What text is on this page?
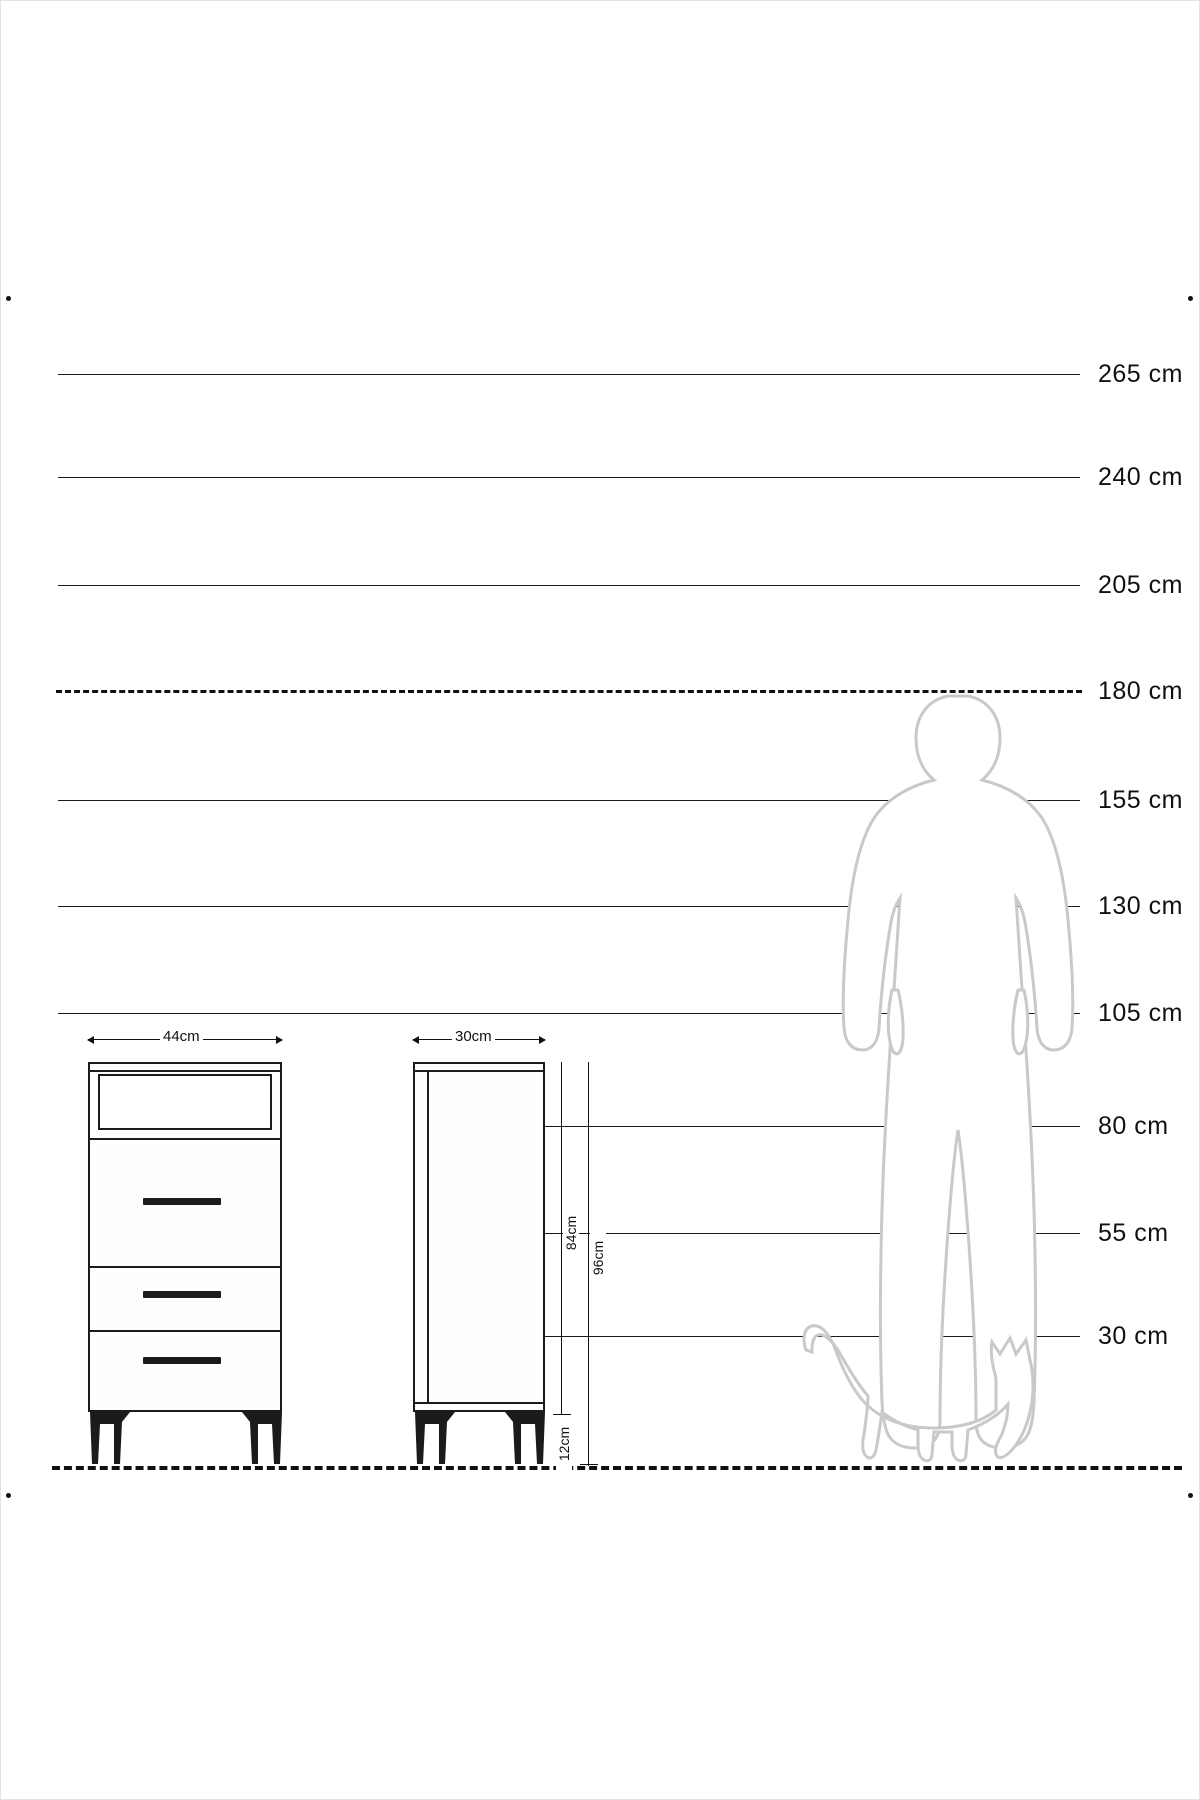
265 cm
240 cm
205 cm
180 cm
155 cm
130 cm
105 cm
80 cm
55 cm
30 cm
44cm	30cm
84cm
96cm
12cm
